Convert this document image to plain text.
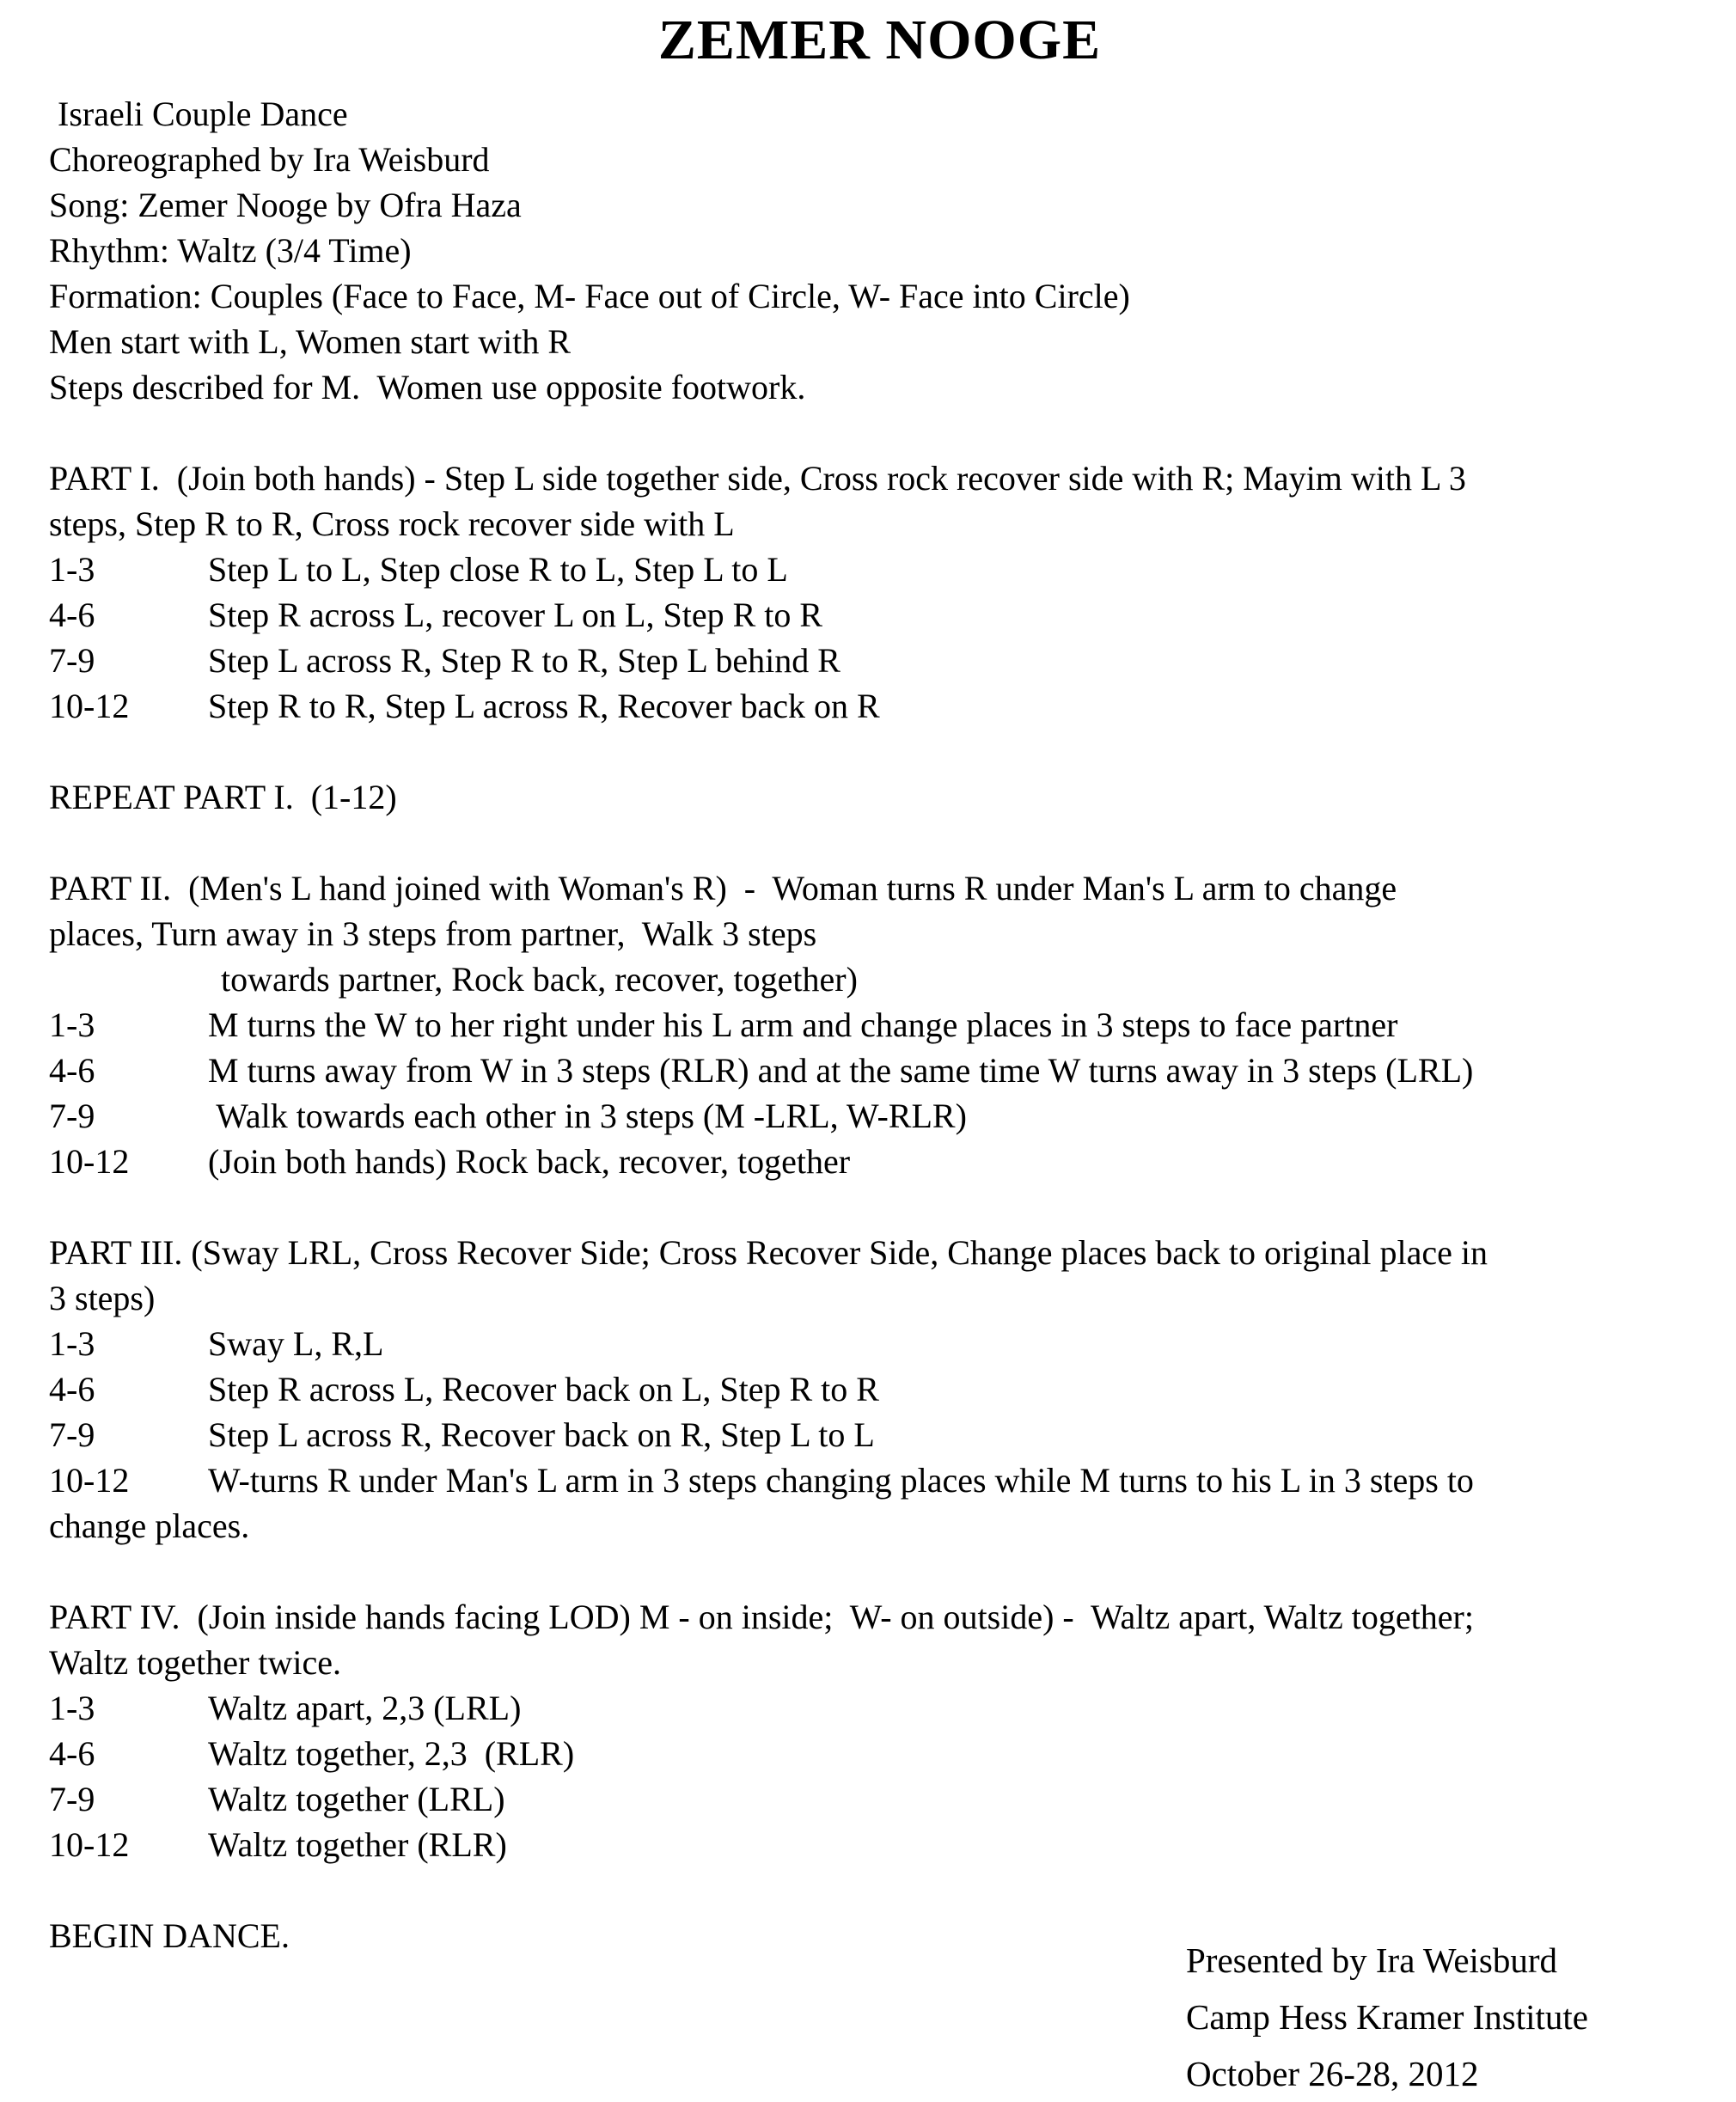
ZEMER NOOGE
Israeli Couple Dance
Choreographed by Ira Weisburd
Song: Zemer Nooge by Ofra Haza
Rhythm: Waltz (3/4 Time)
Formation: Couples (Face to Face, M- Face out of Circle, W- Face into Circle)
Men start with L, Women start with R
Steps described for M.  Women use opposite footwork.
PART I.  (Join both hands) - Step L side together side, Cross rock recover side with R; Mayim with L 3
steps, Step R to R, Cross rock recover side with L
1-3	Step L to L, Step close R to L, Step L to L
4-6	Step R across L, recover L on L, Step R to R
7-9	Step L across R, Step R to R, Step L behind R
10-12 Step R to R, Step L across R, Recover back on R
REPEAT PART I.  (1-12)
PART II.  (Men's L hand joined with Woman's R)  -  Woman turns R under Man's L arm to change
places, Turn away in 3 steps from partner,  Walk 3 steps
towards partner, Rock back, recover, together)
1-3	M turns the W to her right under his L arm and change places in 3 steps to face partner
4-6	M turns away from W in 3 steps (RLR) and at the same time W turns away in 3 steps (LRL)
7-9	Walk towards each other in 3 steps (M -LRL, W-RLR)
10-12 (Join both hands) Rock back, recover, together
PART III. (Sway LRL, Cross Recover Side; Cross Recover Side, Change places back to original place in
3 steps)
1-3	Sway L, R,L
4-6	Step R across L, Recover back on L, Step R to R
7-9	Step L across R, Recover back on R, Step L to L
10-12 W-turns R under Man's L arm in 3 steps changing places while M turns to his L in 3 steps to
change places.
PART IV.  (Join inside hands facing LOD) M - on inside;  W- on outside) -  Waltz apart, Waltz together;
Waltz together twice.
1-3	Waltz apart, 2,3 (LRL)
4-6	Waltz together, 2,3  (RLR)
7-9	Waltz together (LRL)
10-12 Waltz together (RLR)
BEGIN DANCE.
Presented by Ira Weisburd
Camp Hess Kramer Institute
October 26-28, 2012
